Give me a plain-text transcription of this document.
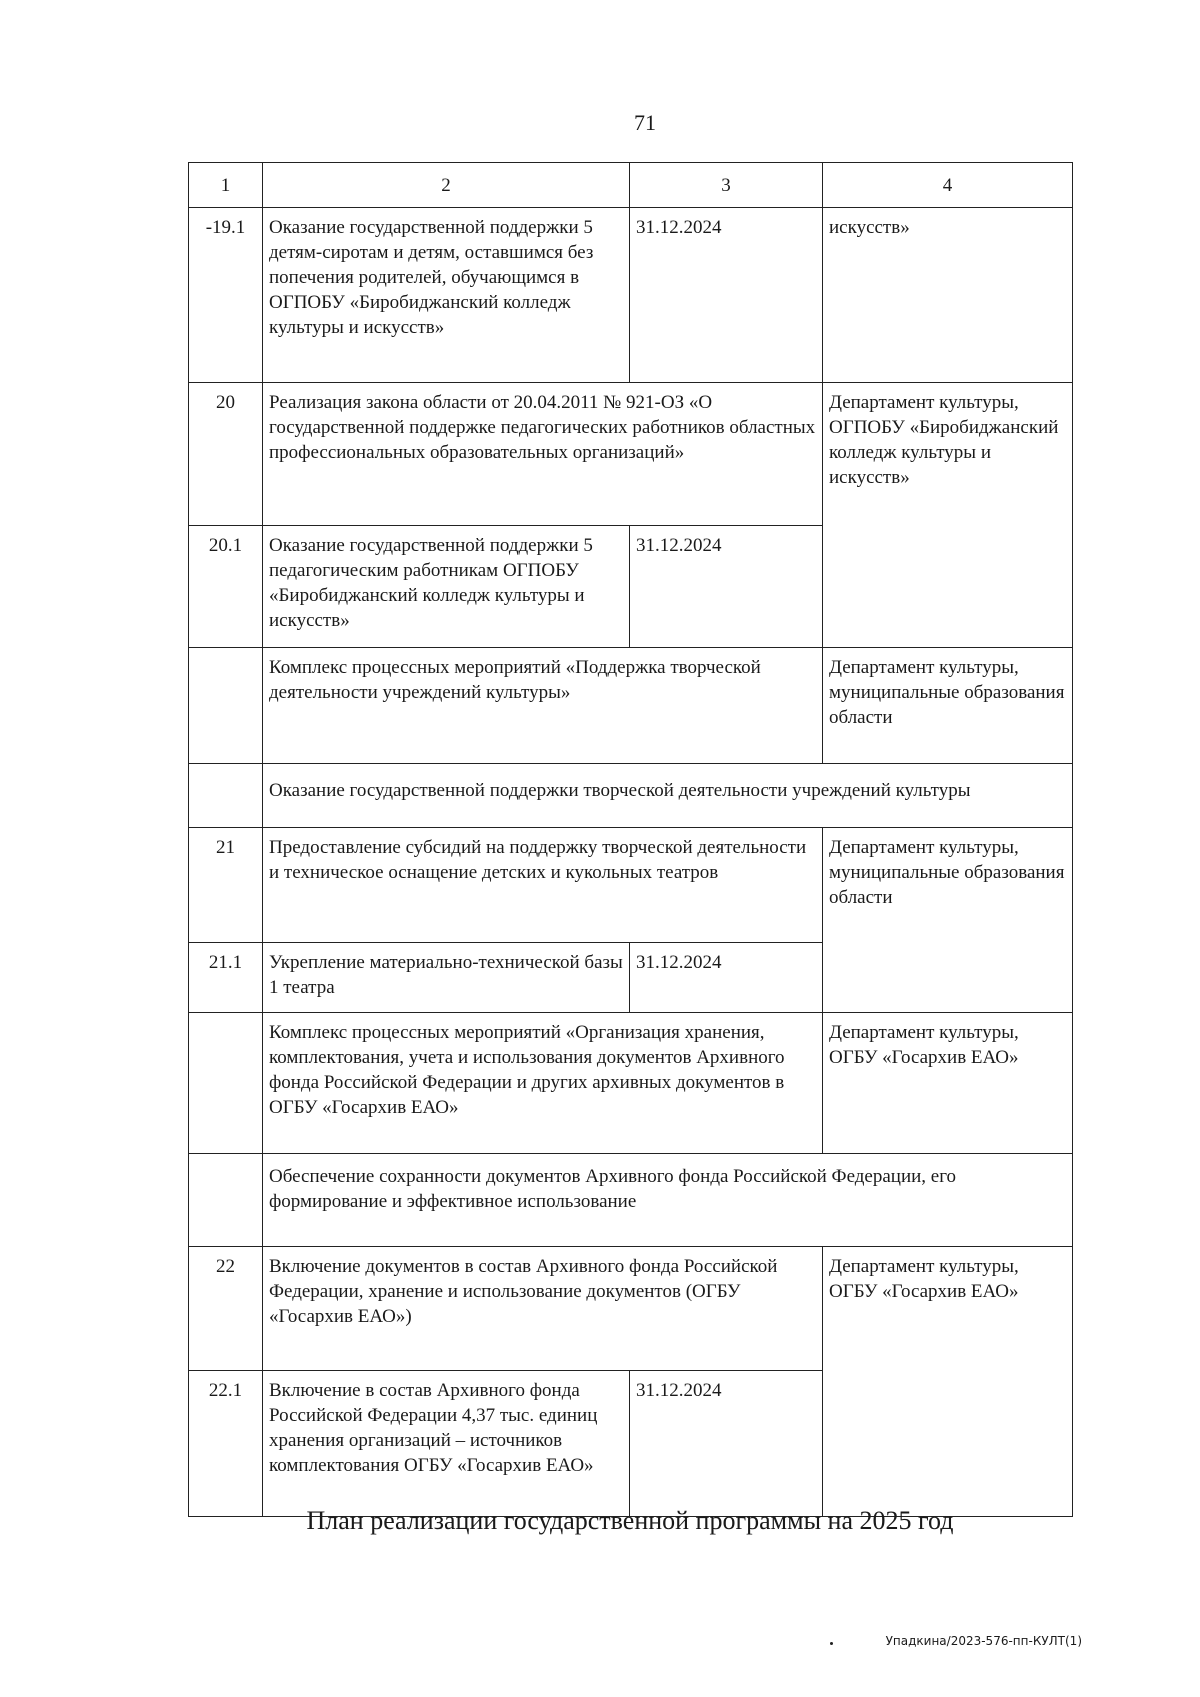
71
1	2	3	4
-19.1	Оказание государственной поддержки 5 детям-сиротам и детям, оставшимся без попечения родителей, обучающимся в ОГПОБУ «Биробиджанский колледж культуры и искусств»	31.12.2024	искусств»
20	Реализация закона области от 20.04.2011 № 921-ОЗ «О государственной поддержке педагогических работников областных профессиональных образовательных организаций»		Департамент культуры, ОГПОБУ «Биробиджанский колледж культуры и искусств»
20.1	Оказание государственной поддержки 5 педагогическим работникам ОГПОБУ «Биробиджанский колледж культуры и искусств»	31.12.2024	
	Комплекс процессных мероприятий «Поддержка творческой деятельности учреждений культуры»		Департамент культуры, муниципальные образования области
	Оказание государственной поддержки творческой деятельности учреждений культуры		
21	Предоставление субсидий на поддержку творческой деятельности и техническое оснащение детских и кукольных театров		Департамент культуры, муниципальные образования области
21.1	Укрепление материально-технической базы 1 театра	31.12.2024	
	Комплекс процессных мероприятий «Организация хранения, комплектования, учета и использования документов Архивного фонда Российской Федерации и других архивных документов в ОГБУ «Госархив ЕАО»		Департамент культуры, ОГБУ «Госархив ЕАО»
	Обеспечение сохранности документов Архивного фонда Российской Федерации, его формирование и эффективное использование		
22	Включение документов в состав Архивного фонда Российской Федерации, хранение и использование документов (ОГБУ «Госархив ЕАО»)		Департамент культуры, ОГБУ «Госархив ЕАО»
22.1	Включение в состав Архивного фонда Российской Федерации 4,37 тыс. единиц хранения организаций – источников комплектования ОГБУ «Госархив ЕАО»	31.12.2024	
План реализации государственной программы на 2025 год
Упадкина/2023-576-пп-КУЛТ(1)
